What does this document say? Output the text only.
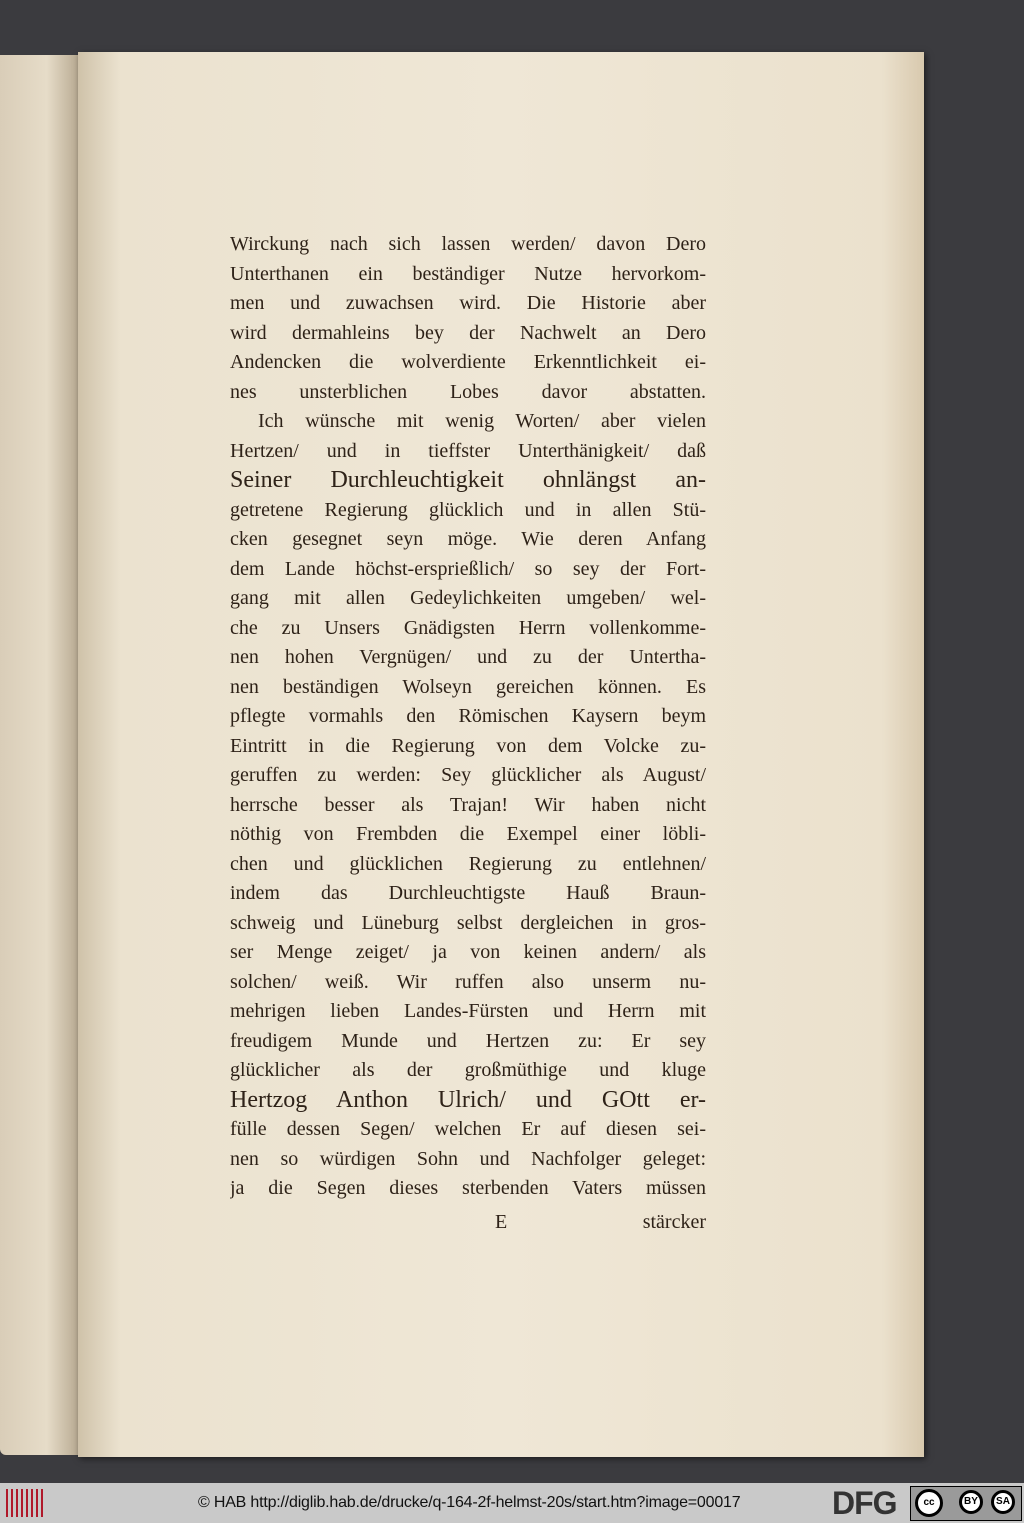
Wirckung nach sich lassen werden/ davon Dero
Unterthanen ein beständiger Nutze hervorkom-
men und zuwachsen wird. Die Historie aber
wird dermahleins bey der Nachwelt an Dero
Andencken die wolverdiente Erkenntlichkeit ei-
nes unsterblichen Lobes davor abstatten.
Ich wünsche mit wenig Worten/ aber vielen
Hertzen/ und in tieffster Unterthänigkeit/ daß
Seiner Durchleuchtigkeit ohnlängst an-
getretene Regierung glücklich und in allen Stü-
cken gesegnet seyn möge. Wie deren Anfang
dem Lande höchst-ersprießlich/ so sey der Fort-
gang mit allen Gedeylichkeiten umgeben/ wel-
che zu Unsers Gnädigsten Herrn vollenkomme-
nen hohen Vergnügen/ und zu der Untertha-
nen beständigen Wolseyn gereichen können. Es
pflegte vormahls den Römischen Kaysern beym
Eintritt in die Regierung von dem Volcke zu-
geruffen zu werden: Sey glücklicher als August/
herrsche besser als Trajan! Wir haben nicht
nöthig von Frembden die Exempel einer löbli-
chen und glücklichen Regierung zu entlehnen/
indem das Durchleuchtigste Hauß Braun-
schweig und Lüneburg selbst dergleichen in gros-
ser Menge zeiget/ ja von keinen andern/ als
solchen/ weiß. Wir ruffen also unserm nu-
mehrigen lieben Landes-Fürsten und Herrn mit
freudigem Munde und Hertzen zu: Er sey
glücklicher als der großmüthige und kluge
Hertzog Anthon Ulrich/ und GOtt er-
fülle dessen Segen/ welchen Er auf diesen sei-
nen so würdigen Sohn und Nachfolger geleget:
ja die Segen dieses sterbenden Vaters müssen
E	stärcker
© HAB http://diglib.hab.de/drucke/q-164-2f-helmst-20s/start.htm?image=00017	DFG	cc	BY	SA
